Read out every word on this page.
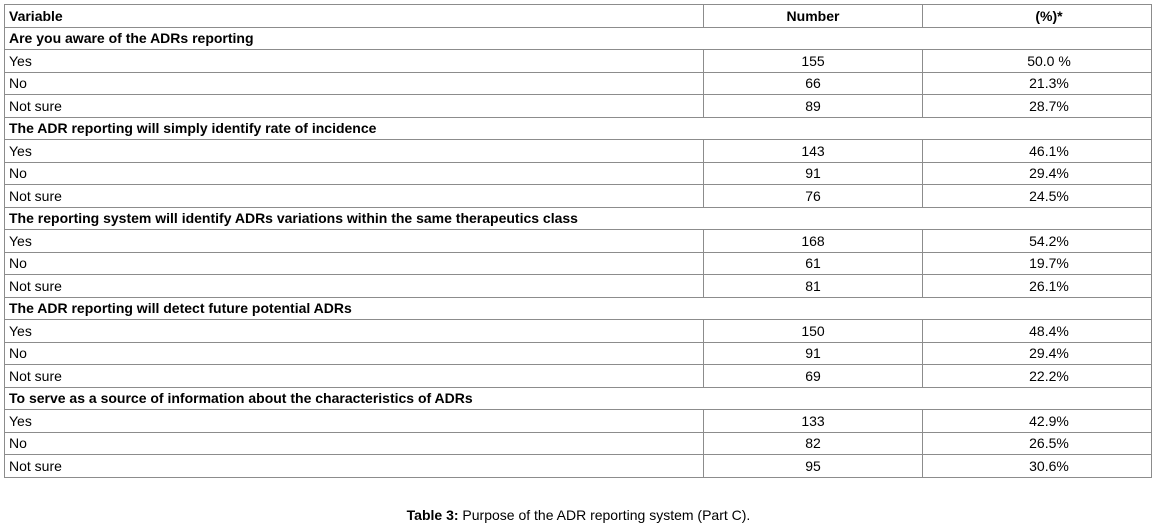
Variable	Number	(%)*
Are you aware of the ADRs reporting		
Yes	155	50.0 %
No	66	21.3%
Not sure	89	28.7%
The ADR reporting will simply identify rate of incidence		
Yes	143	46.1%
No	91	29.4%
Not sure	76	24.5%
The reporting system will identify ADRs variations within the same therapeutics class		
Yes	168	54.2%
No	61	19.7%
Not sure	81	26.1%
The ADR reporting will detect future potential ADRs		
Yes	150	48.4%
No	91	29.4%
Not sure	69	22.2%
To serve as a source of information about the characteristics of ADRs		
Yes	133	42.9%
No	82	26.5%
Not sure	95	30.6%
Table 3: Purpose of the ADR reporting system (Part C).
